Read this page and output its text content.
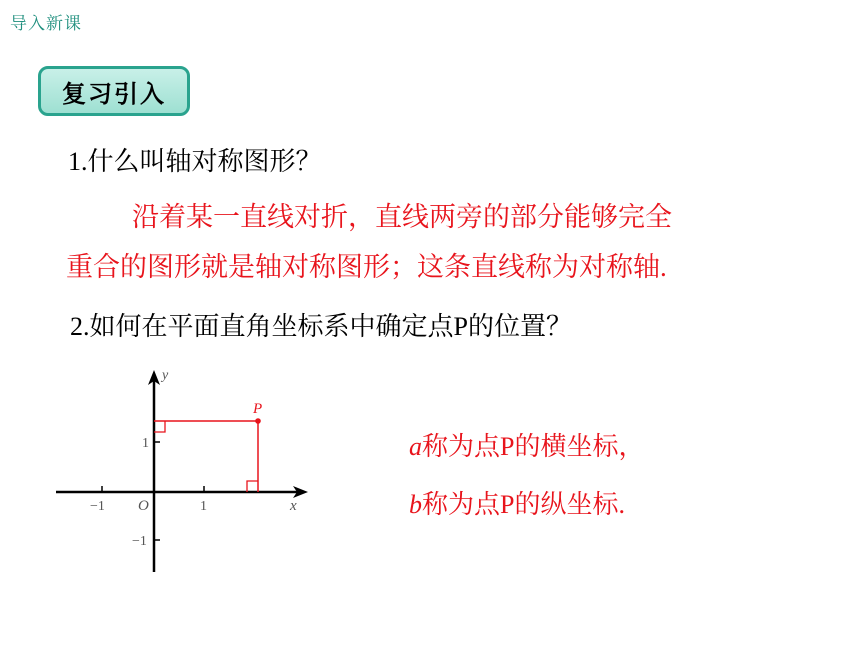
导入新课
复习引入
1.什么叫轴对称图形？
沿着某一直线对折，直线两旁的部分能够完全
重合的图形就是轴对称图形；这条直线称为对称轴.
2.如何在平面直角坐标系中确定点P的位置？
y
x
O
P
−1	1
1
−1
a称为点P的横坐标，
b称为点P的纵坐标.
